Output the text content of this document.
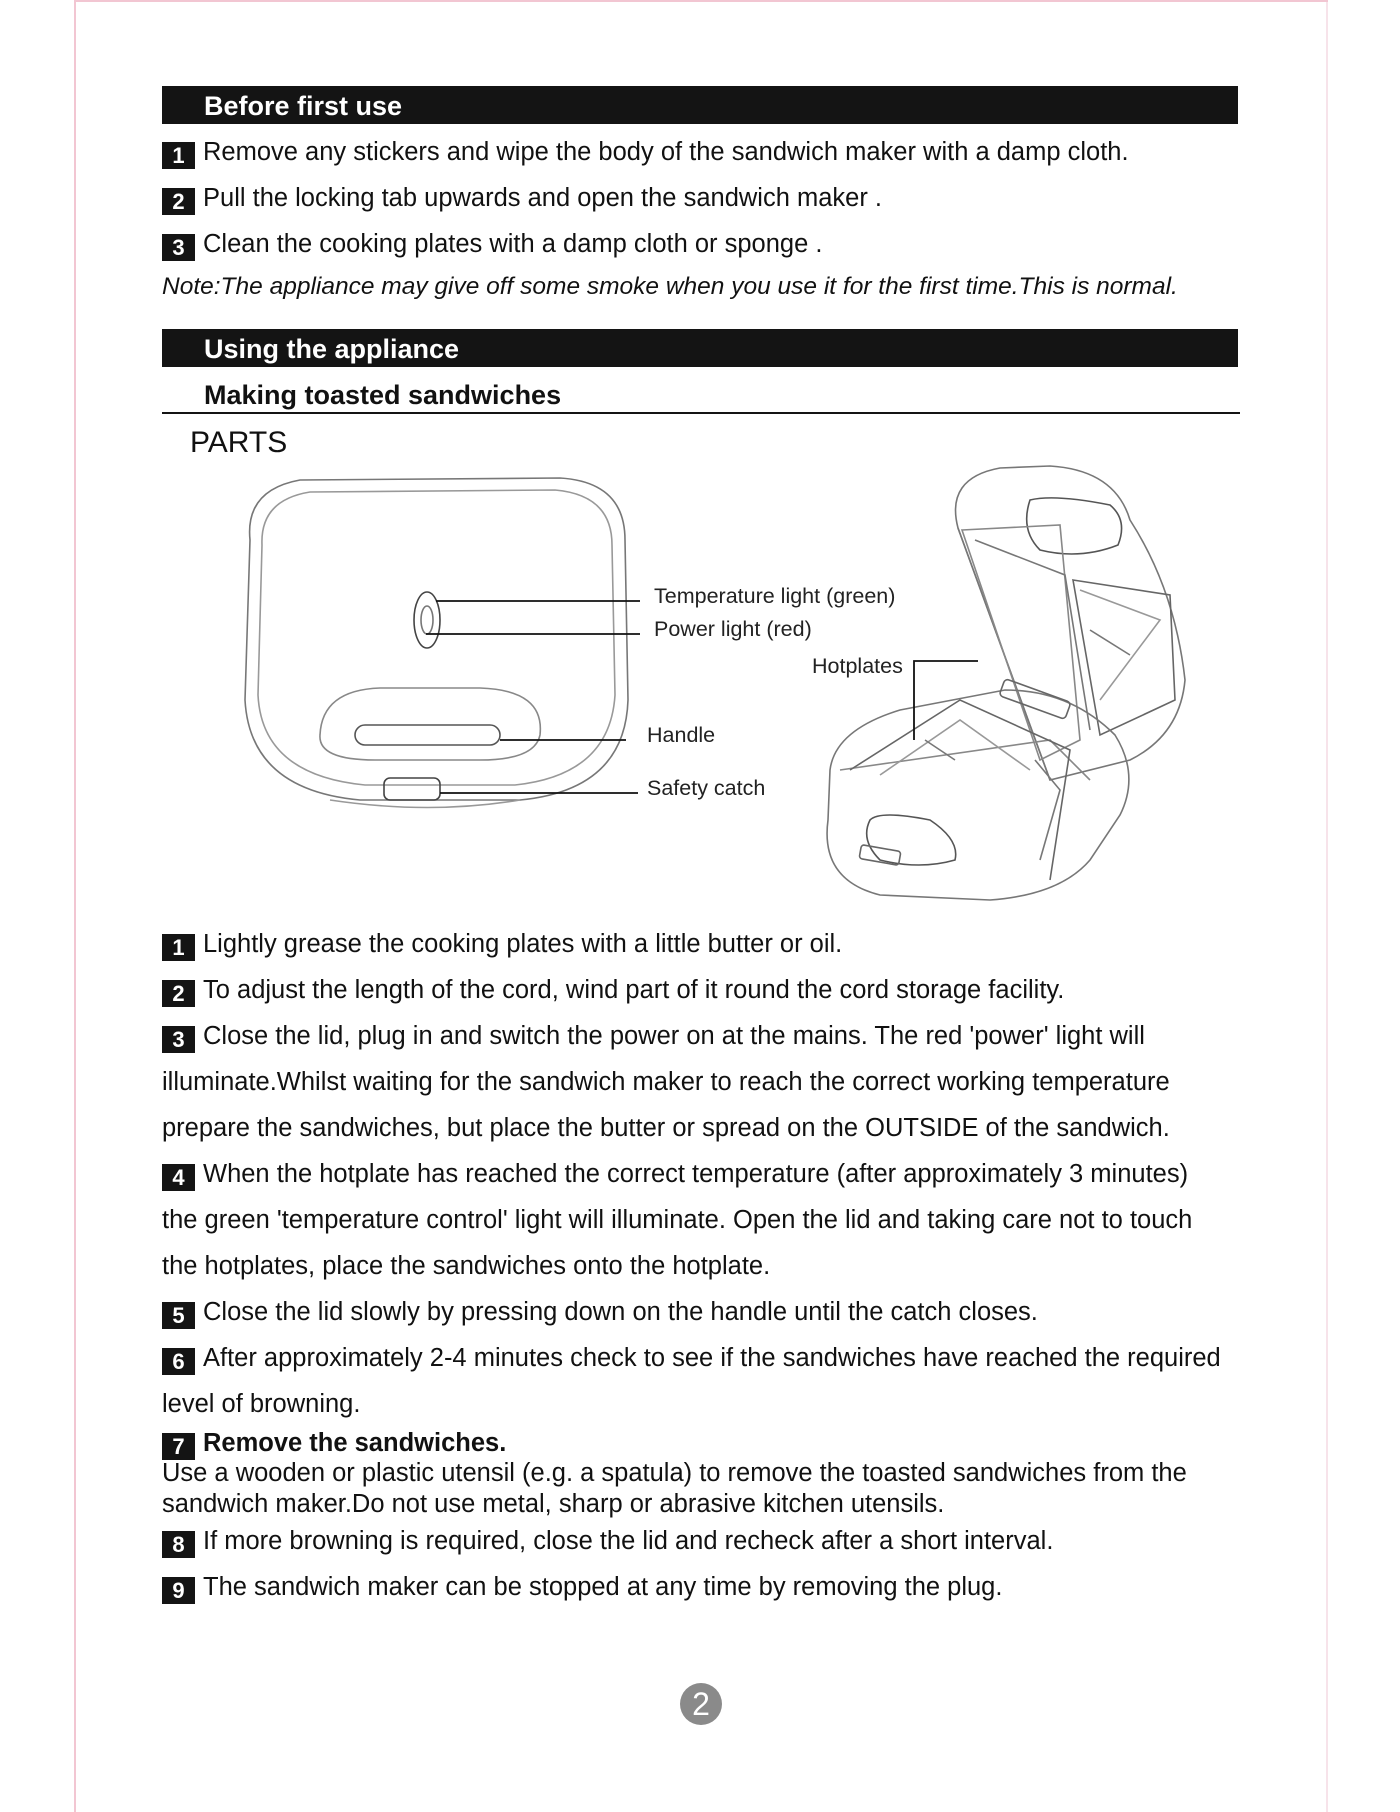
Before first use
1 Remove any stickers and wipe the body of the sandwich maker with a damp cloth.
2 Pull the locking tab upwards and open the sandwich maker .
3 Clean the cooking plates with a damp cloth or sponge .
Note:The appliance may give off some smoke when you use it for the first time.This is normal.
Using the appliance
Making toasted sandwiches
PARTS
Temperature light (green)
Power light (red)
Hotplates
Handle
Safety catch
1 Lightly grease the cooking plates with a little butter or oil.
2 To adjust the length of the cord, wind part of it round the cord storage facility.
3 Close the lid, plug in and switch the power on at the mains. The red 'power' light will
illuminate.Whilst waiting for the sandwich maker to reach the correct working temperature
prepare the sandwiches, but place the butter or spread on the OUTSIDE of the sandwich.
4 When the hotplate has reached the correct temperature (after approximately 3 minutes)
the green 'temperature control' light will illuminate. Open the lid and taking care not to touch
the hotplates, place the sandwiches onto the hotplate.
5 Close the lid slowly by pressing down on the handle until the catch closes.
6 After approximately 2-4 minutes check to see if the sandwiches have reached the required
level of browning.
7 Remove the sandwiches.
Use a wooden or plastic utensil (e.g. a spatula) to remove the toasted sandwiches from the
sandwich maker.Do not use metal, sharp or abrasive kitchen utensils.
8 If more browning is required, close the lid and recheck after a short interval.
9 The sandwich maker can be stopped at any time by removing the plug.
2
